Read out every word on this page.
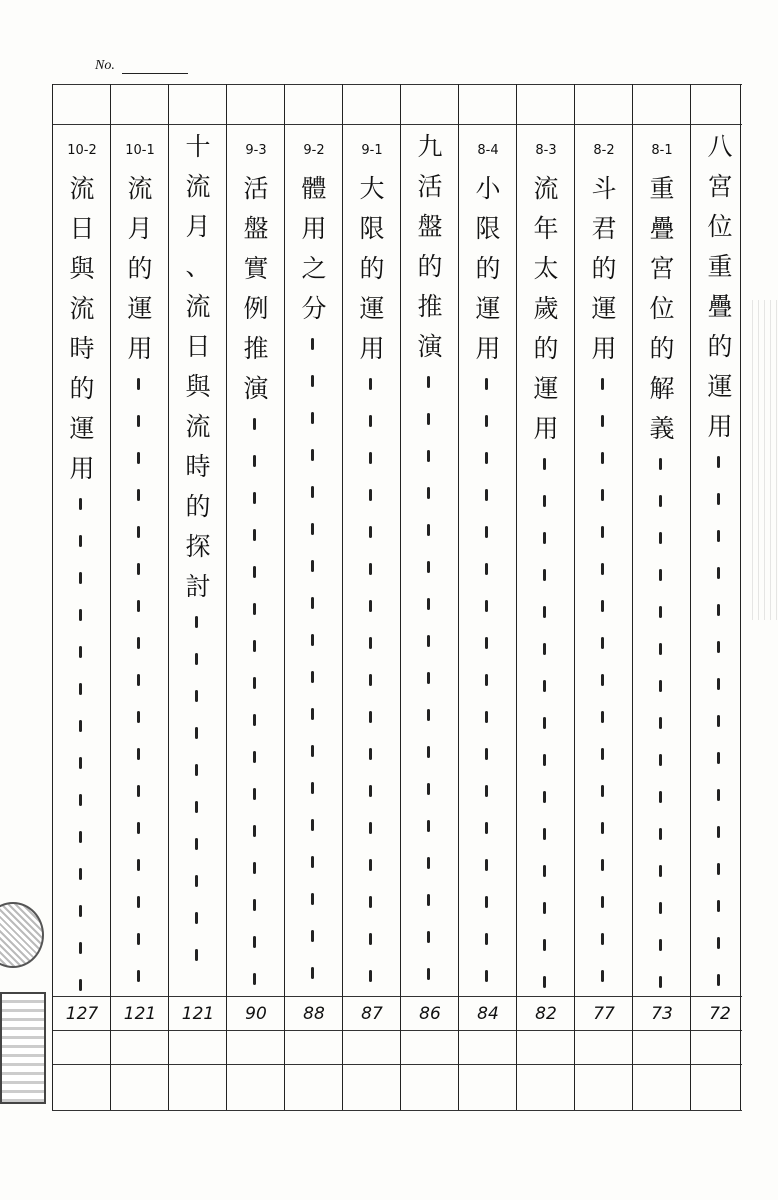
No.
10-2
流
日
與
流
時
的
運
用
127
10-1
流
月
的
運
用
121
十
流
月
、
流
日
與
流
時
的
探
討
121
9-3
活
盤
實
例
推
演
90
9-2
體
用
之
分
88
9-1
大
限
的
運
用
87
九
活
盤
的
推
演
86
8-4
小
限
的
運
用
84
8-3
流
年
太
歲
的
運
用
82
8-2
斗
君
的
運
用
77
8-1
重
疊
宮
位
的
解
義
73
八
宮
位
重
疊
的
運
用
72
